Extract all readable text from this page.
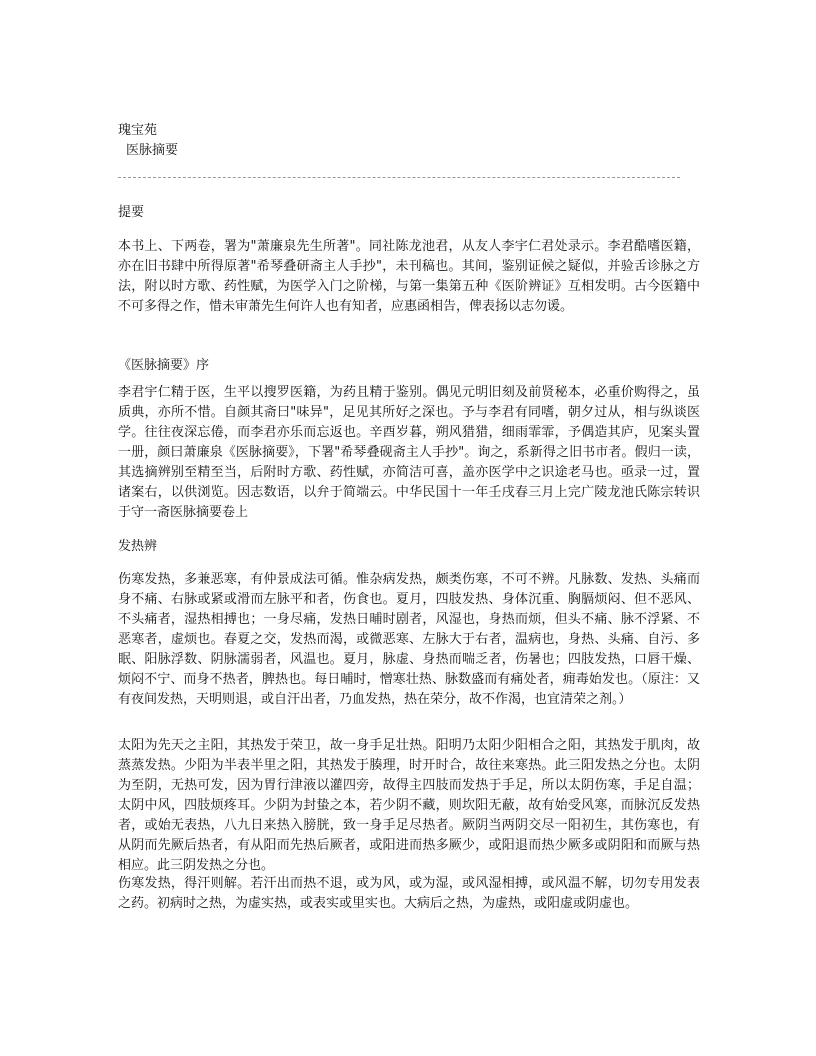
瑰宝苑
医脉摘要
提要
本书上、下两卷，署为"萧廉泉先生所著"。同社陈龙池君，从友人李宇仁君处录示。李君酷嗜医籍，亦在旧书肆中所得原著"希琴叠研斋主人手抄"，未刊稿也。其间，鉴别证候之疑似，并验舌诊脉之方法，附以时方歌、药性赋，为医学入门之阶梯，与第一集第五种《医阶辨证》互相发明。古今医籍中不可多得之作，惜未审萧先生何许人也有知者，应惠函相告，俾表扬以志勿谖。
《医脉摘要》序
李君宇仁精于医，生平以搜罗医籍，为药且精于鉴别。偶见元明旧刻及前贤秘本，必重价购得之，虽质典，亦所不惜。自颜其斋曰"味异"，足见其所好之深也。予与李君有同嗜，朝夕过从，相与纵谈医学。往往夜深忘倦，而李君亦乐而忘返也。辛酉岁暮，朔风猎猎，细雨霏霏，予偶造其庐，见案头置一册，颜曰萧廉泉《医脉摘要》，下署"希琴叠砚斋主人手抄"。询之，系新得之旧书市者。假归一读，其选摘辨别至精至当，后附时方歌、药性赋，亦简洁可喜，盖亦医学中之识途老马也。亟录一过，置诸案右，以供浏览。因志数语，以弁于简端云。中华民国十一年壬戌春三月上完广陵龙池氏陈宗转识于守一斋医脉摘要卷上
发热辨
伤寒发热，多兼恶寒，有仲景成法可循。惟杂病发热，颇类伤寒，不可不辨。凡脉数、发热、头痛而身不痛、右脉或紧或滑而左脉平和者，伤食也。夏月，四肢发热、身体沉重、胸膈烦闷、但不恶风、不头痛者，湿热相搏也；一身尽痛，发热日晡时剧者，风湿也，身热而烦，但头不痛、脉不浮紧、不恶寒者，虚烦也。春夏之交，发热而渴，或微恶寒、左脉大于右者，温病也，身热、头痛、自污、多眠、阳脉浮数、阴脉濡弱者，风温也。夏月，脉虚、身热而喘乏者，伤暑也；四肢发热，口唇干燥、烦闷不宁、而身不热者，脾热也。每日晡时，憎寒壮热、脉数盛而有痛处者，痈毒始发也。（原注：又有夜间发热，天明则退，或自汗出者，乃血发热，热在荣分，故不作渴，也宜清荣之剂。）
太阳为先天之主阳，其热发于荣卫，故一身手足壮热。阳明乃太阳少阳相合之阳，其热发于肌肉，故蒸蒸发热。少阳为半表半里之阳，其热发于腠理，时开时合，故往来寒热。此三阳发热之分也。太阴为至阴，无热可发，因为胃行津液以灌四旁，故得主四肢而发热于手足，所以太阴伤寒，手足自温；太阴中风，四肢烦疼耳。少阴为封蛰之本，若少阴不藏，则坎阳无蔽，故有始受风寒，而脉沉反发热者，或始无表热，八九日来热入膀胱，致一身手足尽热者。厥阴当两阴交尽一阳初生，其伤寒也，有从阴而先厥后热者，有从阳而先热后厥者，或阳进而热多厥少，或阳退而热少厥多或阴阳和而厥与热相应。此三阴发热之分也。
伤寒发热，得汗则解。若汗出而热不退，或为风，或为湿，或风湿相搏，或风温不解，切勿专用发表之药。初病时之热，为虚实热，或表实或里实也。大病后之热，为虚热，或阳虚或阴虚也。
